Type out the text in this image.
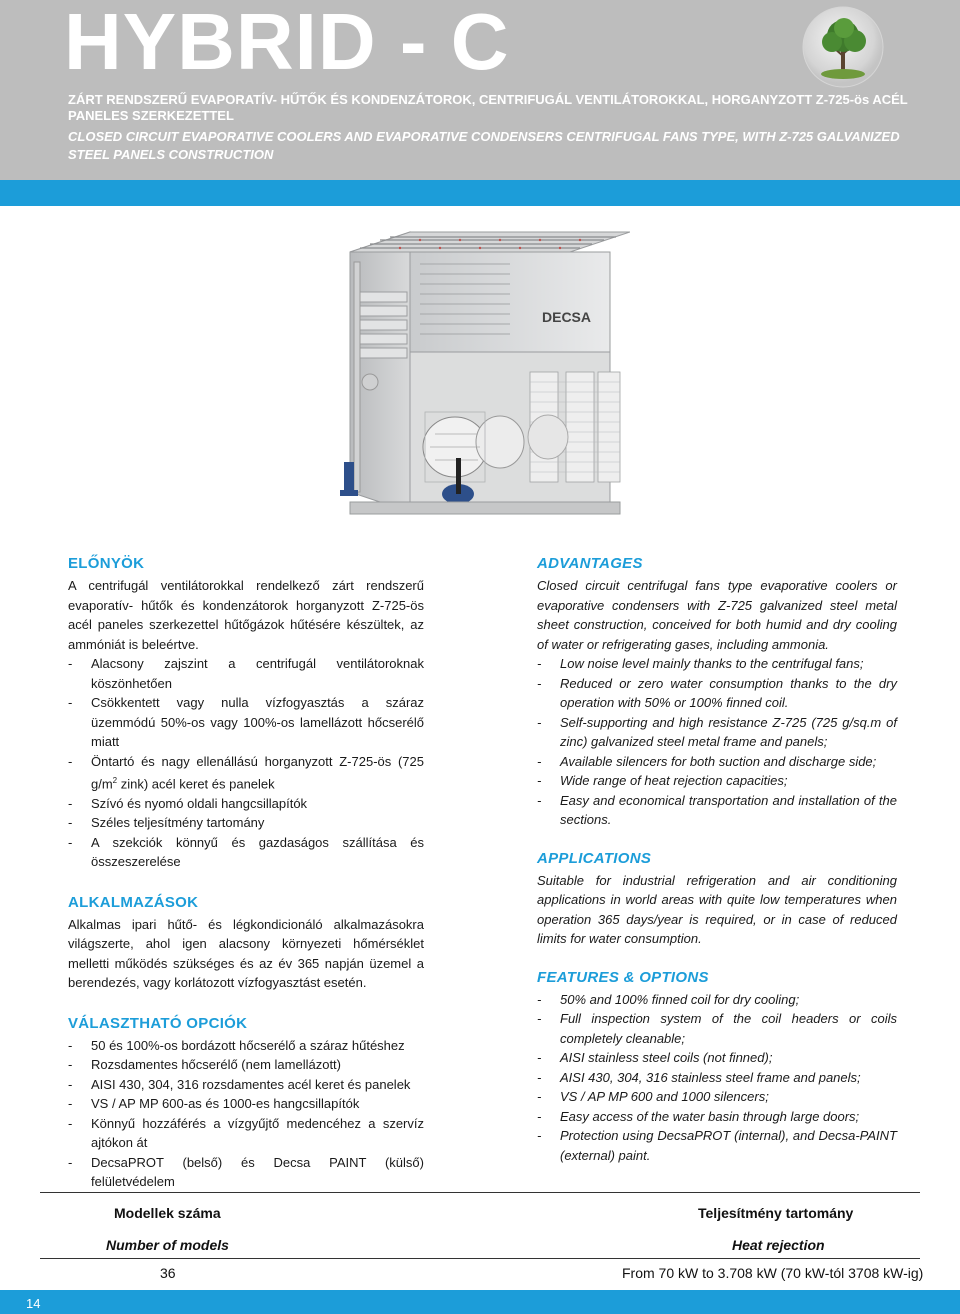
HYBRID - C
ZÁRT RENDSZERŰ EVAPORATÍV- HŰTŐK ÉS KONDENZÁTOROK, CENTRIFUGÁL VENTILÁTOROKKAL, HORGANYZOTT Z-725-ös ACÉL PANELES SZERKEZETTEL
CLOSED CIRCUIT EVAPORATIVE COOLERS AND EVAPORATIVE CONDENSERS CENTRIFUGAL FANS TYPE, WITH Z-725 GALVANIZED STEEL PANELS CONSTRUCTION
DECSA
ELŐNYÖK

A centrifugál ventilátorokkal rendelkező zárt rendszerű evaporatív- hűtők és kondenzátorok horganyzott Z-725-ös acél paneles szerkezettel hűtőgázok hűtésére készültek, az ammóniát is beleértve.

- Alacsony zajszint a centrifugál ventilátoroknak köszönhetően
- Csökkentett vagy nulla vízfogyasztás a száraz üzemmódú 50%-os vagy 100%-os lamellázott hőcserélő miatt
- Öntartó és nagy ellenállású horganyzott Z-725-ös (725 $g/m^2$ zink) acél keret és panelek
- Szívó és nyomó oldali hangcsillapítók
- Széles teljesítmény tartomány
- A szekciók könnyű és gazdaságos szállítása és összeszerelése
ALKALMAZÁSOK

Alkalmas ipari hűtő- és légkondicionáló alkalmazásokra világszerte, ahol igen alacsony környezeti hőmérséklet melletti működés szükséges és az év 365 napján üzemel a berendezés, vagy korlátozott vízfogyasztást esetén.

VÁLASZTHATÓ OPCIÓK
- 50 és 100%-os bordázott hőcserélő a száraz hűtéshez
- Rozsdamentes hőcserélő (nem lamellázott)
- AISI 430, 304, 316 rozsdamentes acél keret és panelek
- VS / AP MP 600-as és 1000-es hangcsillapítók
- Könnyű hozzáférés a vízgyűjtő medencéhez a szervíz ajtókon át
- DecsaPROT (belső) és Decsa PAINT (külső) felületvédelem
ADVANTAGES

Closed circuit centrifugal fans type evaporative coolers or evaporative condensers with Z-725 galvanized steel metal sheet construction, conceived for both humid and dry cooling of water or refrigerating gases, including ammonia.

- Low noise level mainly thanks to the centrifugal fans;
- Reduced or zero water consumption thanks to the dry operation with 50% or 100% finned coil.
- Self-supporting and high resistance Z-725 (725 g/sq.m of zinc) galvanized steel metal frame and panels;
- Available silencers for both suction and discharge side;
- Wide range of heat rejection capacities;
- Easy and economical transportation and installation of the sections.
APPLICATIONS

Suitable for industrial refrigeration and air conditioning applications in world areas with quite low temperatures when operation 365 days/year is required, or in case of reduced limits for water consumption.

FEATURES & OPTIONS
- 50% and 100% finned coil for dry cooling;
- Full inspection system of the coil headers or coils completely cleanable;
- AISI stainless steel coils (not finned);
- AISI 430, 304, 316 stainless steel frame and panels;
- VS / AP MP 600 and 1000 silencers;
- Easy access of the water basin through large doors;
- Protection using DecsaPROT (internal), and Decsa-PAINT (external) paint.
Modellek száma	Teljesítmény tartomány
Number of models	Heat rejection
36	From 70 kW to 3.708 kW (70 kW-tól 3708 kW-ig)
14
